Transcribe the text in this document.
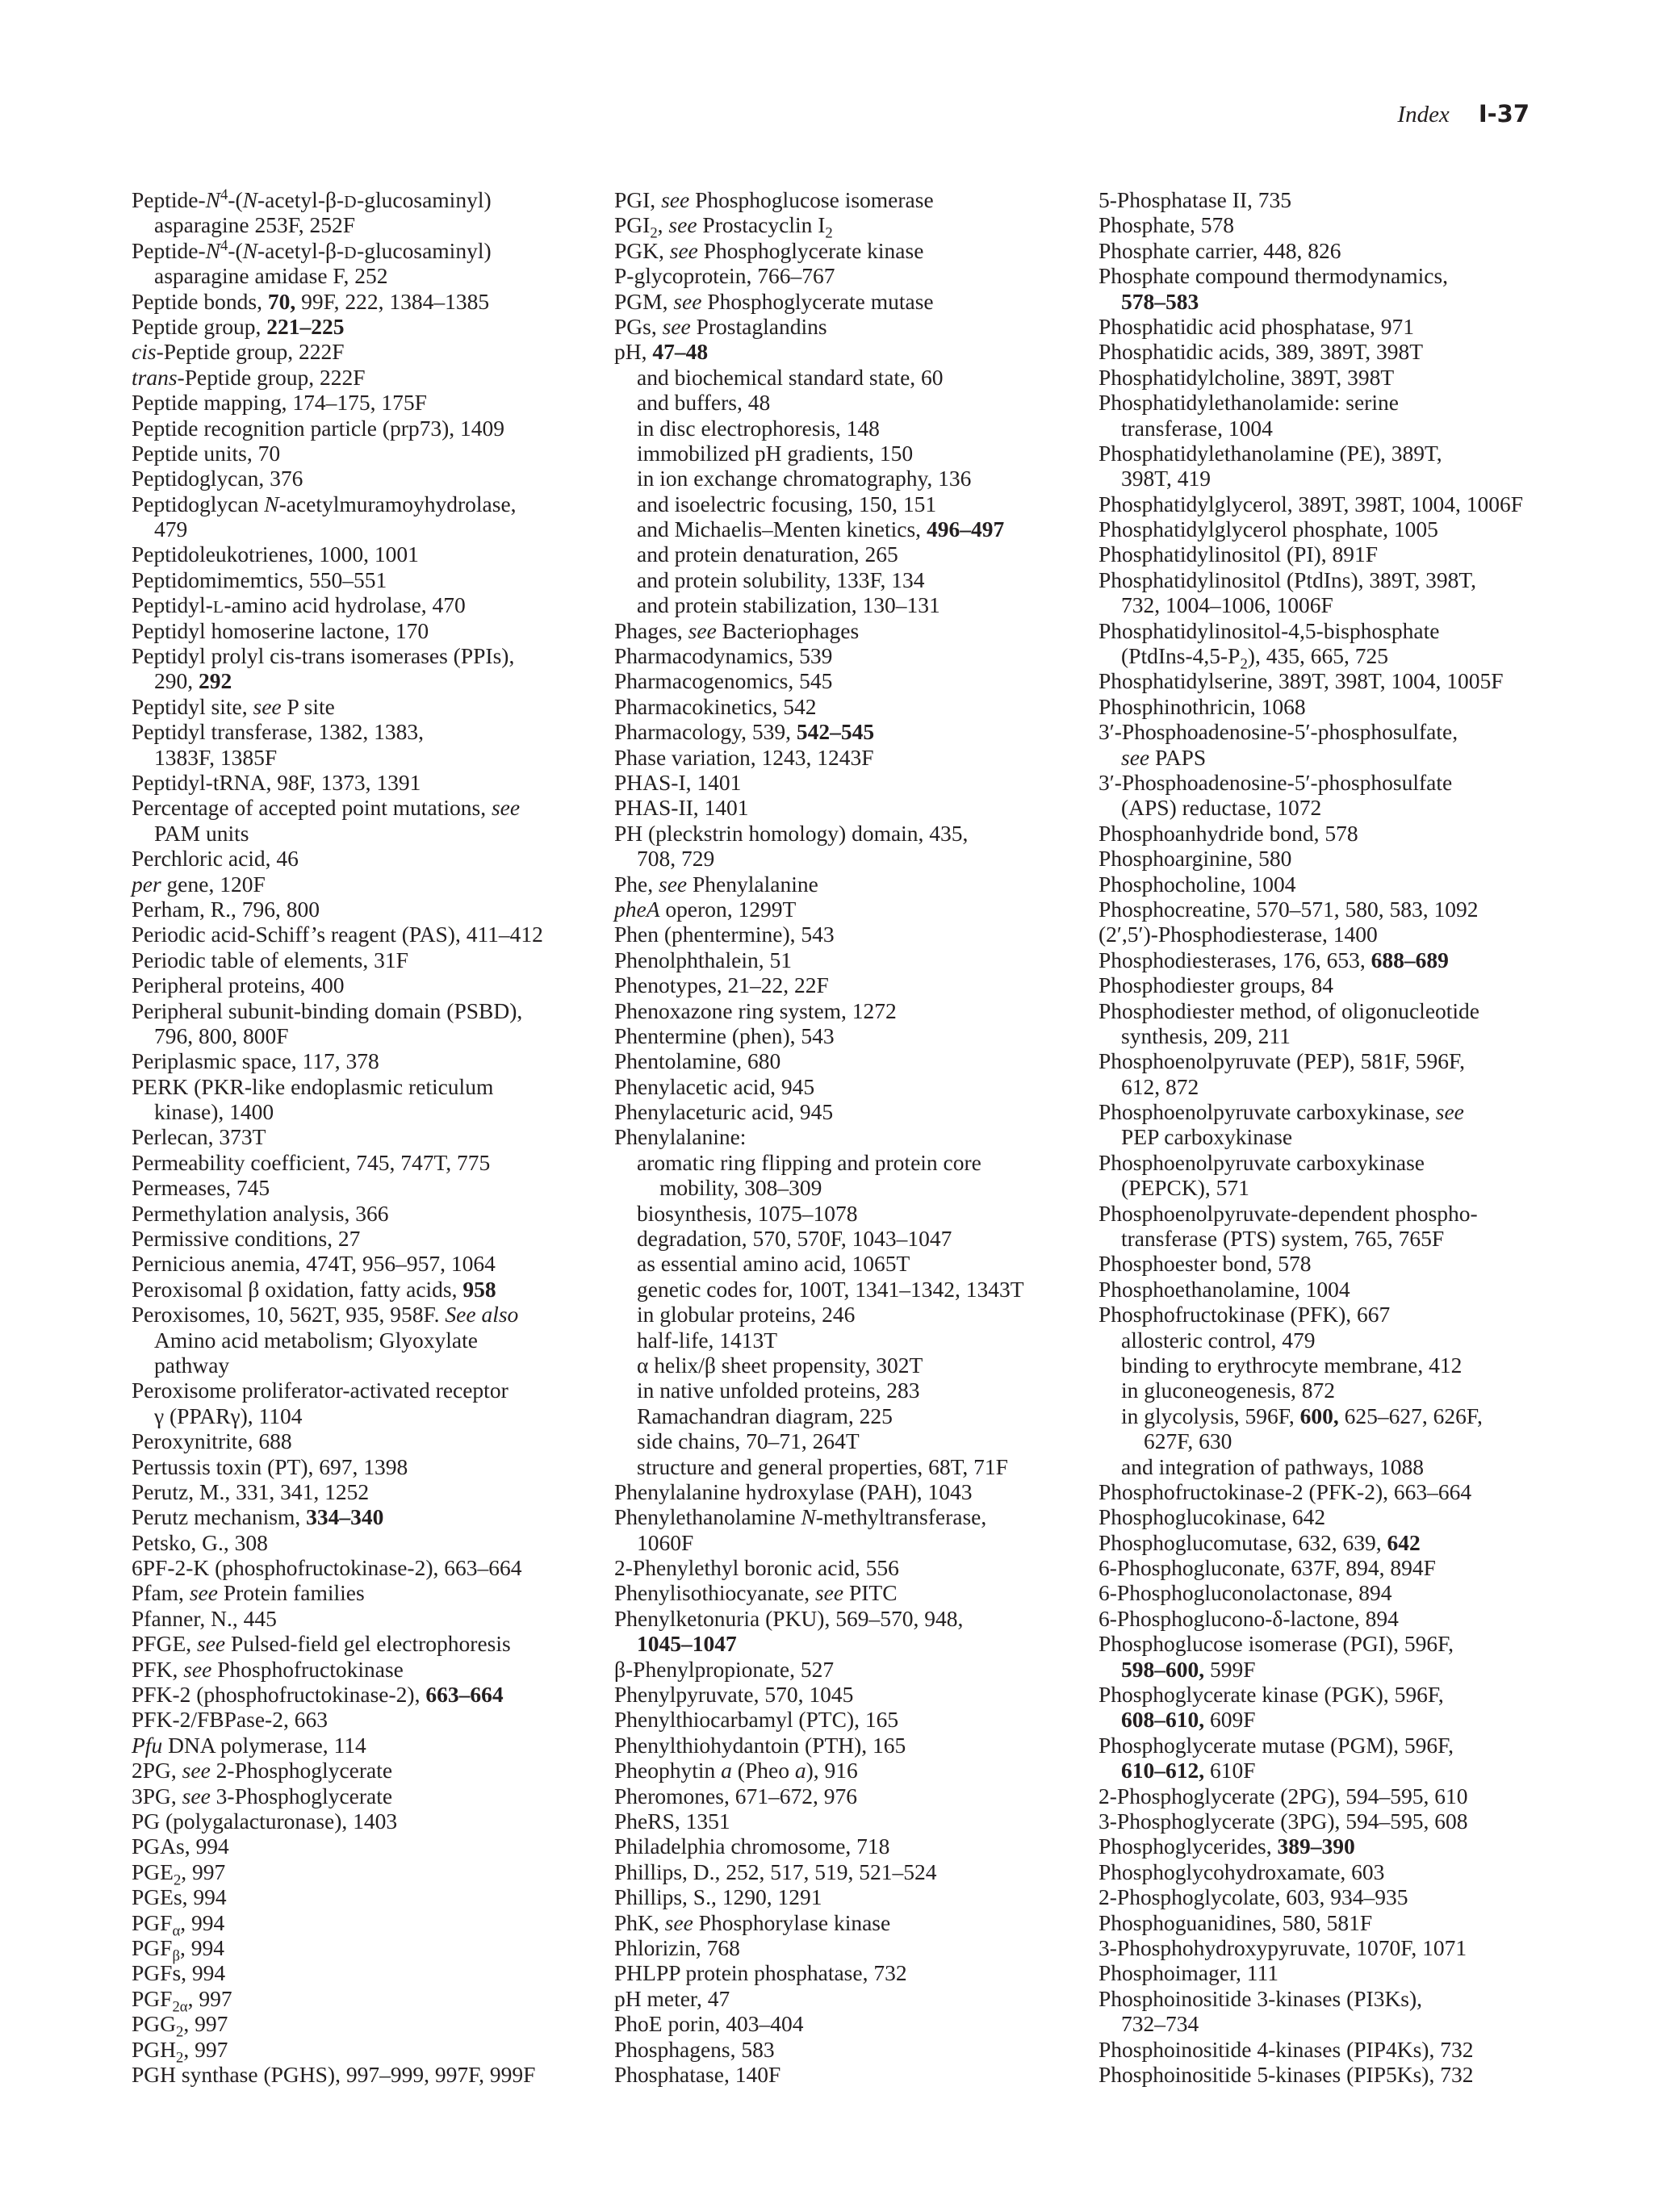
Index I-37
Peptide-$N^4-(N-acetyl-\beta-D-glucosaminyl)$
asparagine 253F, 252F
Peptide-$N^4-(N-acetyl-\beta-D-glucosaminyl)$
asparagine amidase F, 252
Peptide bonds, 70, 99F, 222, 1384–1385
Peptide group, 221–225
cis-Peptide group, 222F
trans-Peptide group, 222F
Peptide mapping, 174–175, 175F
Peptide recognition particle (prp73), 1409
Peptide units, 70
Peptidoglycan, 376
Peptidoglycan N-acetylmuramoyhydrolase,
479
Peptidoleukotrienes, 1000, 1001
Peptidomimemtics, 550–551
Peptidyl-L-amino acid hydrolase, 470
Peptidyl homoserine lactone, 170
Peptidyl prolyl cis-trans isomerases (PPIs),
290, 292
Peptidyl site, see P site
Peptidyl transferase, 1382, 1383,
1383F, 1385F
Peptidyl-tRNA, 98F, 1373, 1391
Percentage of accepted point mutations, see
PAM units
Perchloric acid, 46
per gene, 120F
Perham, R., 796, 800
Periodic acid-Schiff’s reagent (PAS), 411–412
Periodic table of elements, 31F
Peripheral proteins, 400
Peripheral subunit-binding domain (PSBD),
796, 800, 800F
Periplasmic space, 117, 378
PERK (PKR-like endoplasmic reticulum
kinase), 1400
Perlecan, 373T
Permeability coefficient, 745, 747T, 775
Permeases, 745
Permethylation analysis, 366
Permissive conditions, 27
Pernicious anemia, 474T, 956–957, 1064
Peroxisomal β oxidation, fatty acids, 958
Peroxisomes, 10, 562T, 935, 958F. See also
Amino acid metabolism; Glyoxylate
pathway
Peroxisome proliferator-activated receptor
γ (PPARγ), 1104
Peroxynitrite, 688
Pertussis toxin (PT), 697, 1398
Perutz, M., 331, 341, 1252
Perutz mechanism, 334–340
Petsko, G., 308
6PF-2-K (phosphofructokinase-2), 663–664
Pfam, see Protein families
Pfanner, N., 445
PFGE, see Pulsed-field gel electrophoresis
PFK, see Phosphofructokinase
PFK-2 (phosphofructokinase-2), 663–664
PFK-2/FBPase-2, 663
Pfu DNA polymerase, 114
2PG, see 2-Phosphoglycerate
3PG, see 3-Phosphoglycerate
PG (polygalacturonase), 1403
PGAs, 994
$PGE_2$, 997
PGEs, 994
$PGF_\alpha$, 994
$PGF_\beta$, 994
PGFs, 994
$PGF_{2\alpha}$, 997
$PGG_2$, 997
$PGH_2$, 997
PGH synthase (PGHS), 997–999, 997F, 999F
PGI, see Phosphoglucose isomerase
$PGI_2$, see Prostacyclin $I_2$
PGK, see Phosphoglycerate kinase
P-glycoprotein, 766–767
PGM, see Phosphoglycerate mutase
PGs, see Prostaglandins
pH, 47–48
and biochemical standard state, 60
and buffers, 48
in disc electrophoresis, 148
immobilized pH gradients, 150
in ion exchange chromatography, 136
and isoelectric focusing, 150, 151
and Michaelis–Menten kinetics, 496–497
and protein denaturation, 265
and protein solubility, 133F, 134
and protein stabilization, 130–131
Phages, see Bacteriophages
Pharmacodynamics, 539
Pharmacogenomics, 545
Pharmacokinetics, 542
Pharmacology, 539, 542–545
Phase variation, 1243, 1243F
PHAS-I, 1401
PHAS-II, 1401
PH (pleckstrin homology) domain, 435,
708, 729
Phe, see Phenylalanine
pheA operon, 1299T
Phen (phentermine), 543
Phenolphthalein, 51
Phenotypes, 21–22, 22F
Phenoxazone ring system, 1272
Phentermine (phen), 543
Phentolamine, 680
Phenylacetic acid, 945
Phenylaceturic acid, 945
Phenylalanine:
aromatic ring flipping and protein core
mobility, 308–309
biosynthesis, 1075–1078
degradation, 570, 570F, 1043–1047
as essential amino acid, 1065T
genetic codes for, 100T, 1341–1342, 1343T
in globular proteins, 246
half-life, 1413T
α helix/β sheet propensity, 302T
in native unfolded proteins, 283
Ramachandran diagram, 225
side chains, 70–71, 264T
structure and general properties, 68T, 71F
Phenylalanine hydroxylase (PAH), 1043
Phenylethanolamine N-methyltransferase,
1060F
2-Phenylethyl boronic acid, 556
Phenylisothiocyanate, see PITC
Phenylketonuria (PKU), 569–570, 948,
1045–1047
β-Phenylpropionate, 527
Phenylpyruvate, 570, 1045
Phenylthiocarbamyl (PTC), 165
Phenylthiohydantoin (PTH), 165
Pheophytin a (Pheo a), 916
Pheromones, 671–672, 976
PheRS, 1351
Philadelphia chromosome, 718
Phillips, D., 252, 517, 519, 521–524
Phillips, S., 1290, 1291
PhK, see Phosphorylase kinase
Phlorizin, 768
PHLPP protein phosphatase, 732
pH meter, 47
PhoE porin, 403–404
Phosphagens, 583
Phosphatase, 140F
5-Phosphatase II, 735
Phosphate, 578
Phosphate carrier, 448, 826
Phosphate compound thermodynamics,
578–583
Phosphatidic acid phosphatase, 971
Phosphatidic acids, 389, 389T, 398T
Phosphatidylcholine, 389T, 398T
Phosphatidylethanolamide: serine
transferase, 1004
Phosphatidylethanolamine (PE), 389T,
398T, 419
Phosphatidylglycerol, 389T, 398T, 1004, 1006F
Phosphatidylglycerol phosphate, 1005
Phosphatidylinositol (PI), 891F
Phosphatidylinositol (PtdIns), 389T, 398T,
732, 1004–1006, 1006F
Phosphatidylinositol-4,5-bisphosphate
$(PtdIns-4,5-P_2)$, 435, 665, 725
Phosphatidylserine, 389T, 398T, 1004, 1005F
Phosphinothricin, 1068
3′-Phosphoadenosine-5′-phosphosulfate,
see PAPS
3′-Phosphoadenosine-5′-phosphosulfate
(APS) reductase, 1072
Phosphoanhydride bond, 578
Phosphoarginine, 580
Phosphocholine, 1004
Phosphocreatine, 570–571, 580, 583, 1092
(2′,5′)-Phosphodiesterase, 1400
Phosphodiesterases, 176, 653, 688–689
Phosphodiester groups, 84
Phosphodiester method, of oligonucleotide
synthesis, 209, 211
Phosphoenolpyruvate (PEP), 581F, 596F,
612, 872
Phosphoenolpyruvate carboxykinase, see
PEP carboxykinase
Phosphoenolpyruvate carboxykinase
(PEPCK), 571
Phosphoenolpyruvate-dependent phospho-
transferase (PTS) system, 765, 765F
Phosphoester bond, 578
Phosphoethanolamine, 1004
Phosphofructokinase (PFK), 667
allosteric control, 479
binding to erythrocyte membrane, 412
in gluconeogenesis, 872
in glycolysis, 596F, 600, 625–627, 626F,
627F, 630
and integration of pathways, 1088
Phosphofructokinase-2 (PFK-2), 663–664
Phosphoglucokinase, 642
Phosphoglucomutase, 632, 639, 642
6-Phosphogluconate, 637F, 894, 894F
6-Phosphogluconolactonase, 894
6-Phosphoglucono-δ-lactone, 894
Phosphoglucose isomerase (PGI), 596F,
598–600, 599F
Phosphoglycerate kinase (PGK), 596F,
608–610, 609F
Phosphoglycerate mutase (PGM), 596F,
610–612, 610F
2-Phosphoglycerate (2PG), 594–595, 610
3-Phosphoglycerate (3PG), 594–595, 608
Phosphoglycerides, 389–390
Phosphoglycohydroxamate, 603
2-Phosphoglycolate, 603, 934–935
Phosphoguanidines, 580, 581F
3-Phosphohydroxypyruvate, 1070F, 1071
Phosphoimager, 111
Phosphoinositide 3-kinases (PI3Ks),
732–734
Phosphoinositide 4-kinases (PIP4Ks), 732
Phosphoinositide 5-kinases (PIP5Ks), 732
